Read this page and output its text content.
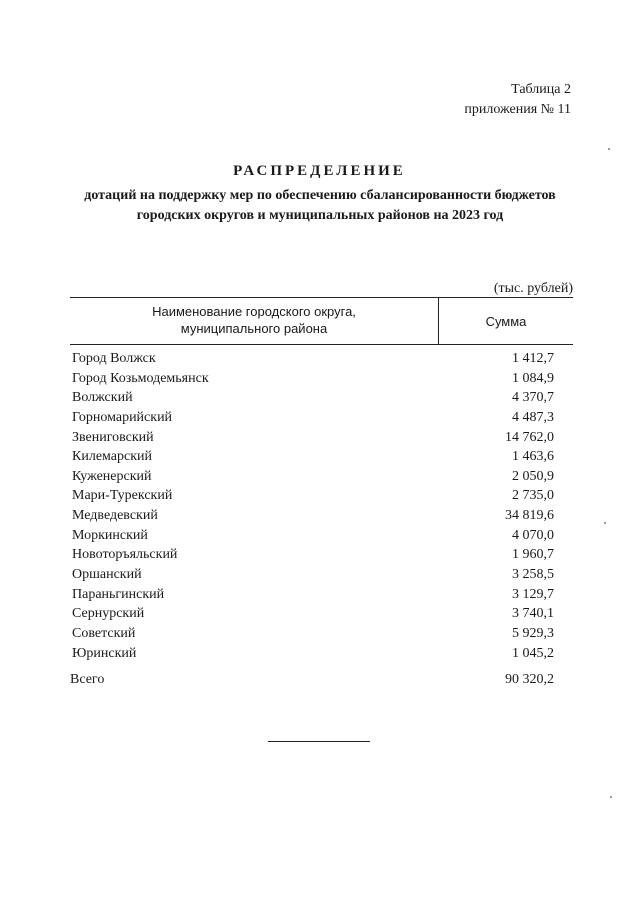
Таблица 2
приложения № 11
РАСПРЕДЕЛЕНИЕ
дотаций на поддержку мер по обеспечению сбалансированности бюджетов
городских округов и муниципальных районов на 2023 год
(тыс. рублей)
Наименование городского округа,
муниципального района	Сумма
Город Волжск	1 412,7
Город Козьмодемьянск	1 084,9
Волжский	4 370,7
Горномарийский	4 487,3
Звениговский	14 762,0
Килемарский	1 463,6
Куженерский	2 050,9
Мари-Турекский	2 735,0
Медведевский	34 819,6
Моркинский	4 070,0
Новоторъяльский	1 960,7
Оршанский	3 258,5
Параньгинский	3 129,7
Сернурский	3 740,1
Советский	5 929,3
Юринский	1 045,2
Всего	90 320,2
